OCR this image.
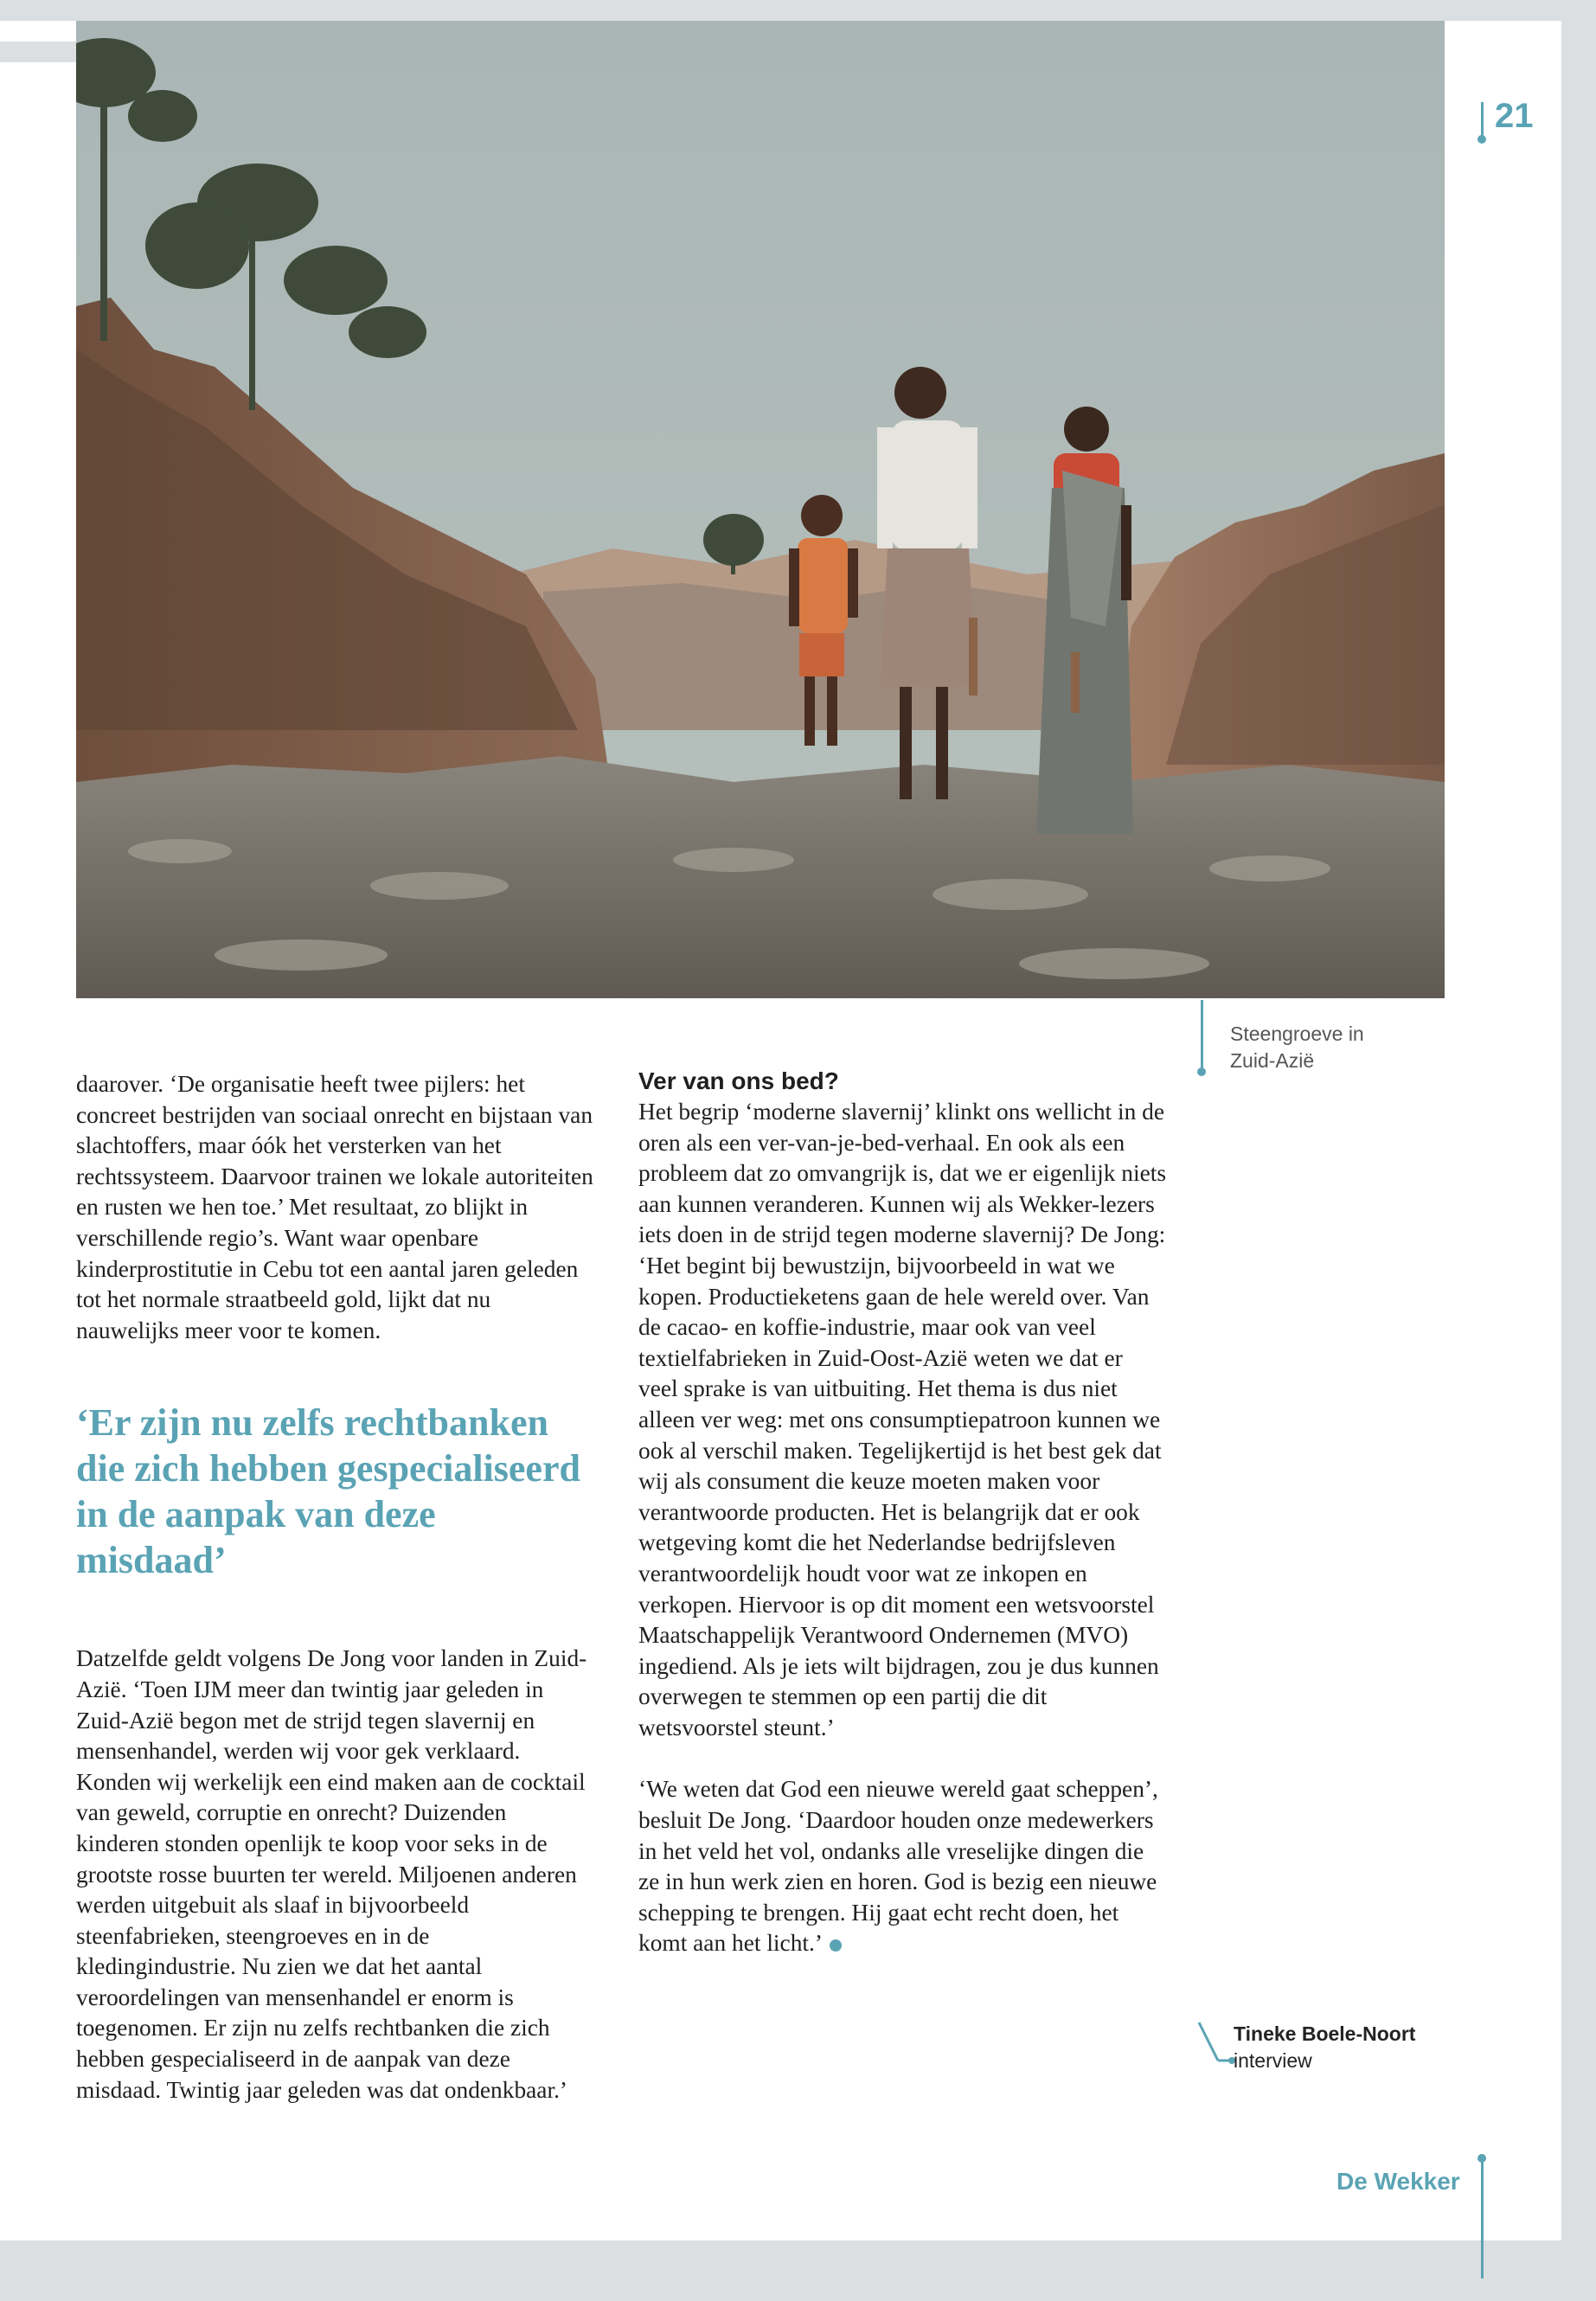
21
Steengroeve in
Zuid-Azië

daarover. ‘De organisatie heeft twee pijlers: het concreet bestrijden van sociaal onrecht en bijstaan van slachtoffers, maar óók het versterken van het rechtssysteem. Daarvoor trainen we lokale autoriteiten en rusten we hen toe.’ Met resultaat, zo blijkt in verschillende regio’s. Want waar openbare kinderprostitutie in Cebu tot een aantal jaren geleden tot het normale straatbeeld gold, lijkt dat nu nauwelijks meer voor te komen.

‘Er zijn nu zelfs rechtbanken die zich hebben gespecialiseerd in de aanpak van deze misdaad’

Datzelfde geldt volgens De Jong voor landen in Zuid-Azië. ‘Toen IJM meer dan twintig jaar geleden in Zuid-Azië begon met de strijd tegen slavernij en mensenhandel, werden wij voor gek verklaard. Konden wij werkelijk een eind maken aan de cocktail van geweld, corruptie en onrecht? Duizenden kinderen stonden openlijk te koop voor seks in de grootste rosse buurten ter wereld. Miljoenen anderen werden uitgebuit als slaaf in bijvoorbeeld steenfabrieken, steengroeves en in de kledingindustrie. Nu zien we dat het aantal veroordelingen van mensenhandel er enorm is toegenomen. Er zijn nu zelfs rechtbanken die zich hebben gespecialiseerd in de aanpak van deze misdaad. Twintig jaar geleden was dat ondenkbaar.’

Ver van ons bed?

Het begrip ‘moderne slavernij’ klinkt ons wellicht in de oren als een ver-van-je-bed-verhaal. En ook als een probleem dat zo omvangrijk is, dat we er eigenlijk niets aan kunnen veranderen. Kunnen wij als Wekker-lezers iets doen in de strijd tegen moderne slavernij? De Jong: ‘Het begint bij bewustzijn, bijvoorbeeld in wat we kopen. Productieketens gaan de hele wereld over. Van de cacao- en koffie-industrie, maar ook van veel textielfabrieken in Zuid-Oost-Azië weten we dat er veel sprake is van uitbuiting. Het thema is dus niet alleen ver weg: met ons consumptiepatroon kunnen we ook al verschil maken. Tegelijkertijd is het best gek dat wij als consument die keuze moeten maken voor verantwoorde producten. Het is belangrijk dat er ook wetgeving komt die het Nederlandse bedrijfsleven verantwoordelijk houdt voor wat ze inkopen en verkopen. Hiervoor is op dit moment een wetsvoorstel Maatschappelijk Verantwoord Ondernemen (MVO) ingediend. Als je iets wilt bijdragen, zou je dus kunnen overwegen te stemmen op een partij die dit wetsvoorstel steunt.’

‘We weten dat God een nieuwe wereld gaat scheppen’, besluit De Jong. ‘Daardoor houden onze medewerkers in het veld het vol, ondanks alle vreselijke dingen die ze in hun werk zien en horen. God is bezig een nieuwe schepping te brengen. Hij gaat echt recht doen, het komt aan het licht.’

Tineke Boele-Noort
interview
De Wekker
